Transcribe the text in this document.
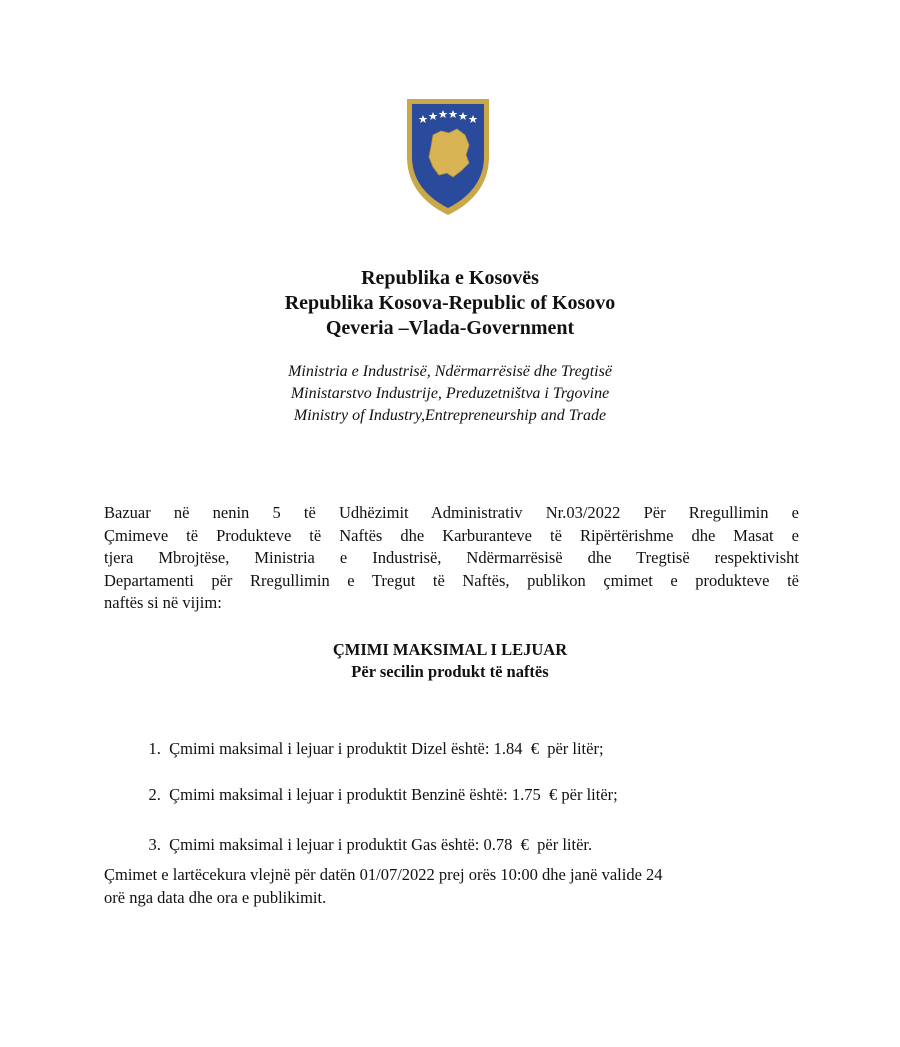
Republika e Kosovës
Republika Kosova-Republic of Kosovo
Qeveria –Vlada-Government
Ministria e Industrisë, Ndërmarrësisë dhe Tregtisë
Ministarstvo Industrije, Preduzetništva i Trgovine
Ministry of Industry,Entrepreneurship and Trade
Bazuar në nenin 5 të Udhëzimit Administrativ Nr.03/2022 Për Rregullimin e
Çmimeve të Produkteve të Naftës dhe Karburanteve të Ripërtërishme dhe Masat e
tjera Mbrojtëse, Ministria e Industrisë, Ndërmarrësisë dhe Tregtisë respektivisht
Departamenti për Rregullimin e Tregut të Naftës, publikon çmimet e produkteve të
naftës si në vijim:
ÇMIMI MAKSIMAL I LEJUAR
Për secilin produkt të naftës

1. Çmimi maksimal i lejuar i produktit Dizel është: 1.84  €  për litër;

2. Çmimi maksimal i lejuar i produktit Benzinë është: 1.75  € për litër;

3. Çmimi maksimal i lejuar i produktit Gas është: 0.78  €  për litër.

Çmimet e lartëcekura vlejnë për datën 01/07/2022 prej orës 10:00 dhe janë valide 24
orë nga data dhe ora e publikimit.
